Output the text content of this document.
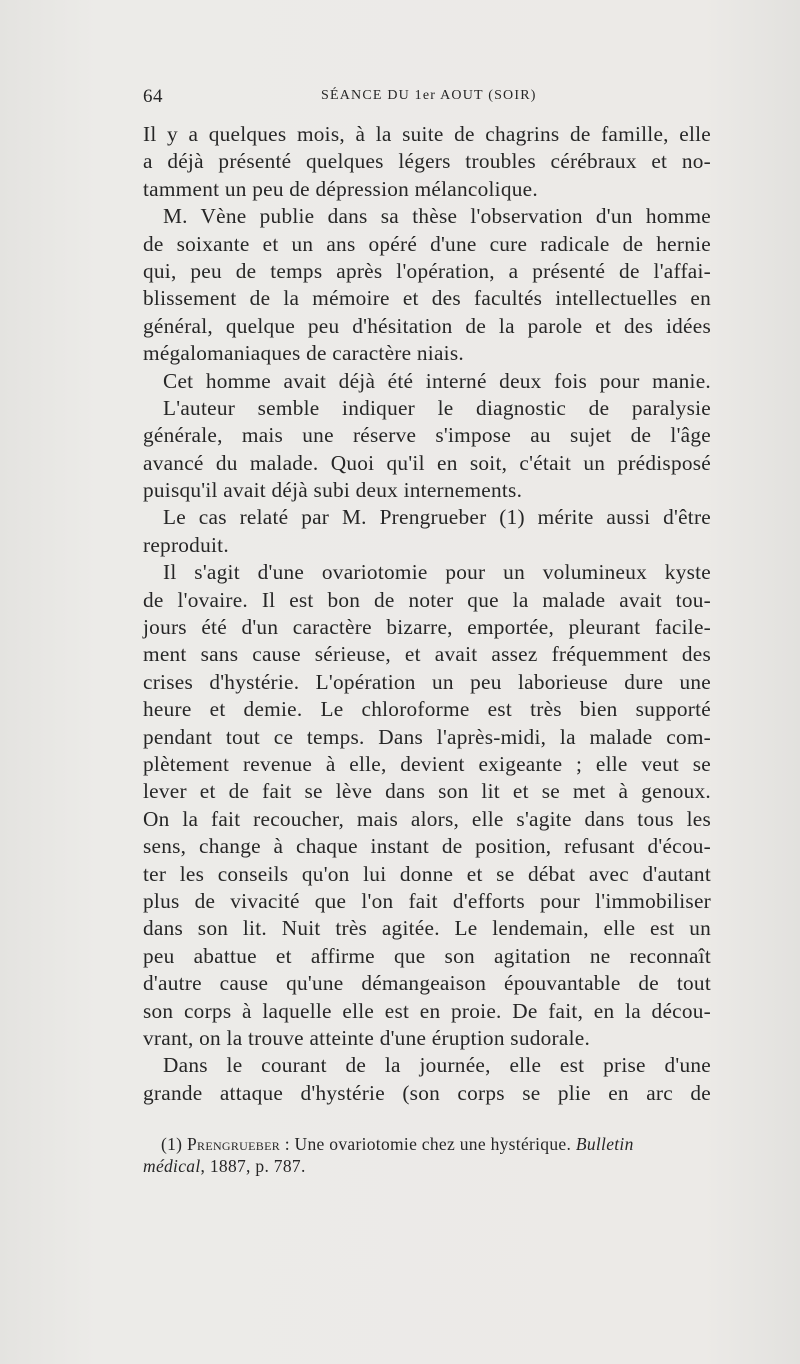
64	SÉANCE DU 1er AOUT (SOIR)
Il y a quelques mois, à la suite de chagrins de famille, elle
a déjà présenté quelques légers troubles cérébraux et no-
tamment un peu de dépression mélancolique.
M. Vène publie dans sa thèse l'observation d'un homme
de soixante et un ans opéré d'une cure radicale de hernie
qui, peu de temps après l'opération, a présenté de l'affai-
blissement de la mémoire et des facultés intellectuelles en
général, quelque peu d'hésitation de la parole et des idées
mégalomaniaques de caractère niais.
Cet homme avait déjà été interné deux fois pour manie.
L'auteur semble indiquer le diagnostic de paralysie
générale, mais une réserve s'impose au sujet de l'âge
avancé du malade. Quoi qu'il en soit, c'était un prédisposé
puisqu'il avait déjà subi deux internements.
Le cas relaté par M. Prengrueber (1) mérite aussi d'être
reproduit.
Il s'agit d'une ovariotomie pour un volumineux kyste
de l'ovaire. Il est bon de noter que la malade avait tou-
jours été d'un caractère bizarre, emportée, pleurant facile-
ment sans cause sérieuse, et avait assez fréquemment des
crises d'hystérie. L'opération un peu laborieuse dure une
heure et demie. Le chloroforme est très bien supporté
pendant tout ce temps. Dans l'après-midi, la malade com-
plètement revenue à elle, devient exigeante ; elle veut se
lever et de fait se lève dans son lit et se met à genoux.
On la fait recoucher, mais alors, elle s'agite dans tous les
sens, change à chaque instant de position, refusant d'écou-
ter les conseils qu'on lui donne et se débat avec d'autant
plus de vivacité que l'on fait d'efforts pour l'immobiliser
dans son lit. Nuit très agitée. Le lendemain, elle est un
peu abattue et affirme que son agitation ne reconnaît
d'autre cause qu'une démangeaison épouvantable de tout
son corps à laquelle elle est en proie. De fait, en la décou-
vrant, on la trouve atteinte d'une éruption sudorale.
Dans le courant de la journée, elle est prise d'une
grande attaque d'hystérie (son corps se plie en arc de
(1) Prengrueber : Une ovariotomie chez une hystérique. Bulletin
médical, 1887, p. 787.
